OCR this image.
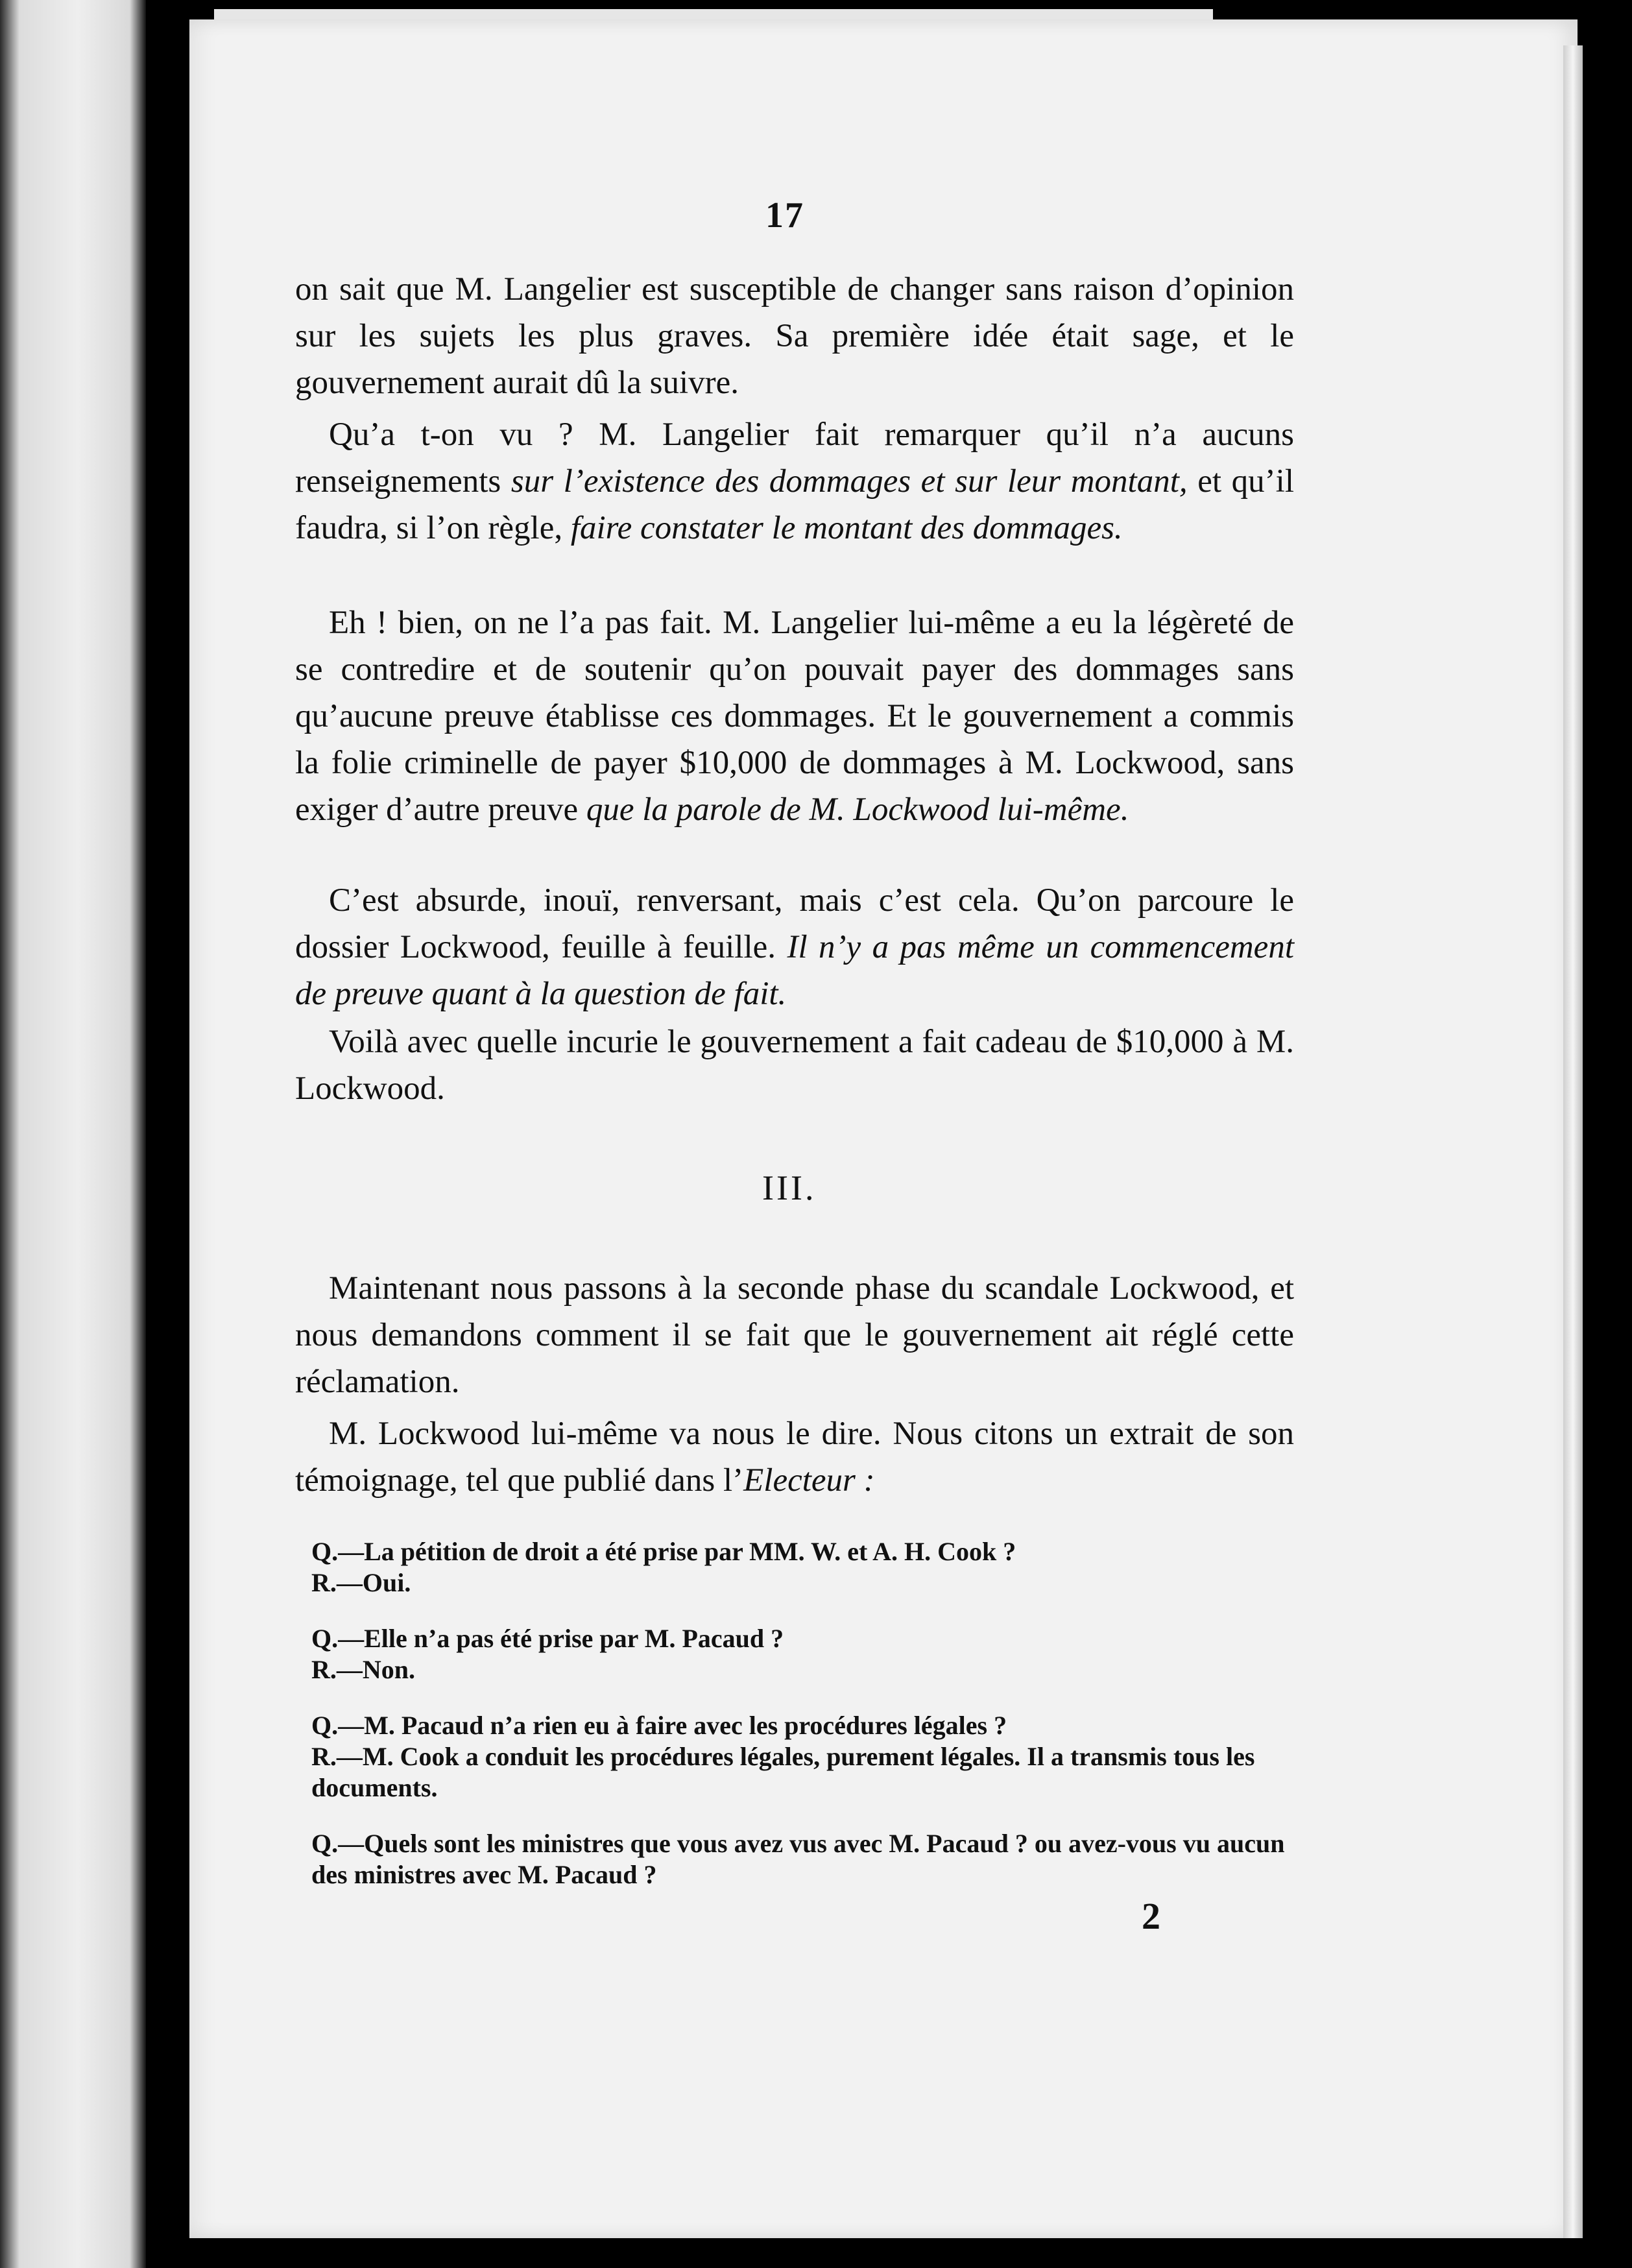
17
on sait que M. Langelier est susceptible de changer sans raison d’opinion sur les sujets les plus graves. Sa première idée était sage, et le gouvernement aurait dû la suivre.
Qu’a t-on vu ? M. Langelier fait remarquer qu’il n’a aucuns renseignements sur l’existence des dommages et sur leur montant, et qu’il faudra, si l’on règle, faire constater le montant des dommages.
Eh ! bien, on ne l’a pas fait. M. Langelier lui-même a eu la légèreté de se contredire et de soutenir qu’on pouvait payer des dommages sans qu’aucune preuve établisse ces dommages. Et le gouvernement a commis la folie criminelle de payer $10,000 de dommages à M. Lockwood, sans exiger d’autre preuve que la parole de M. Lockwood lui-même.
C’est absurde, inouï, renversant, mais c’est cela. Qu’on parcoure le dossier Lockwood, feuille à feuille. Il n’y a pas même un commencement de preuve quant à la question de fait.
Voilà avec quelle incurie le gouvernement a fait cadeau de $10,000 à M. Lockwood.
III.
Maintenant nous passons à la seconde phase du scandale Lockwood, et nous demandons comment il se fait que le gouvernement ait réglé cette réclamation.
M. Lockwood lui-même va nous le dire. Nous citons un extrait de son témoignage, tel que publié dans l’Electeur :
Q.—La pétition de droit a été prise par MM. W. et A. H. Cook ?
R.—Oui.
Q.—Elle n’a pas été prise par M. Pacaud ?
R.—Non.
Q.—M. Pacaud n’a rien eu à faire avec les procédures légales ?
R.—M. Cook a conduit les procédures légales, purement légales. Il a transmis tous les documents.
Q.—Quels sont les ministres que vous avez vus avec M. Pacaud ? ou avez-vous vu aucun des ministres avec M. Pacaud ?
2
